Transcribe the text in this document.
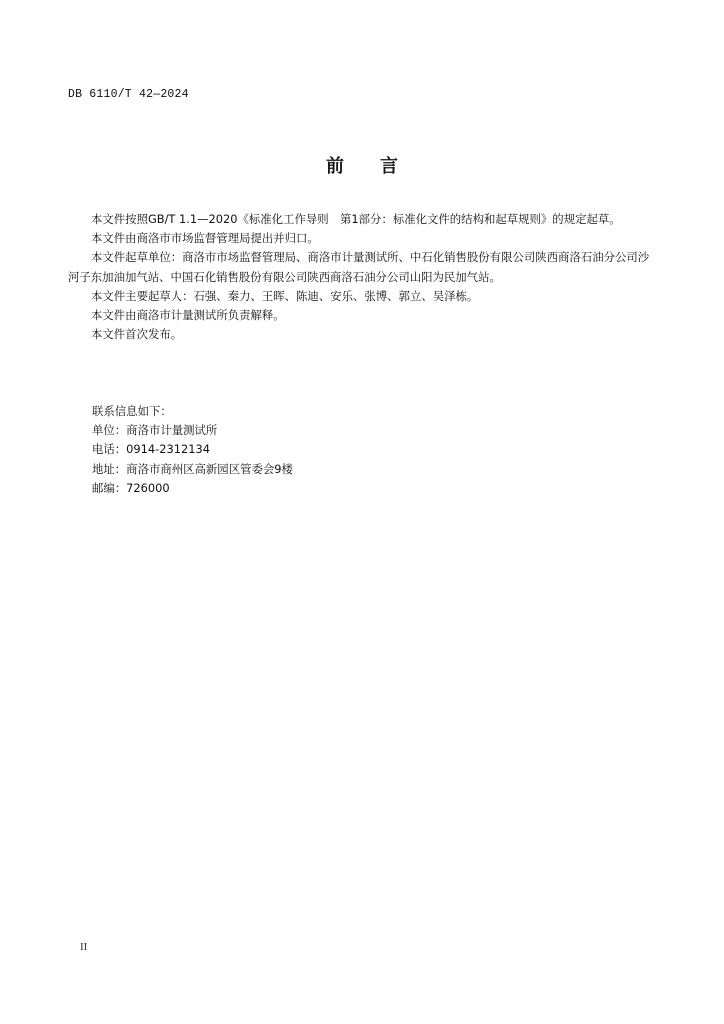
DB 6110/T 42—2024
前 言

本文件按照GB/T 1.1—2020《标准化工作导则　第1部分：标准化文件的结构和起草规则》的规定起草。

本文件由商洛市市场监督管理局提出并归口。

本文件起草单位：商洛市市场监督管理局、商洛市计量测试所、中石化销售股份有限公司陕西商洛石油分公司沙河子东加油加气站、中国石化销售股份有限公司陕西商洛石油分公司山阳为民加气站。

本文件主要起草人：石强、秦力、王晖、陈迪、安乐、张博、郭立、吴泽栋。

本文件由商洛市计量测试所负责解释。

本文件首次发布。

联系信息如下：
单位：商洛市计量测试所
电话：0914-2312134
地址：商洛市商州区高新园区管委会9楼
邮编：726000
II
